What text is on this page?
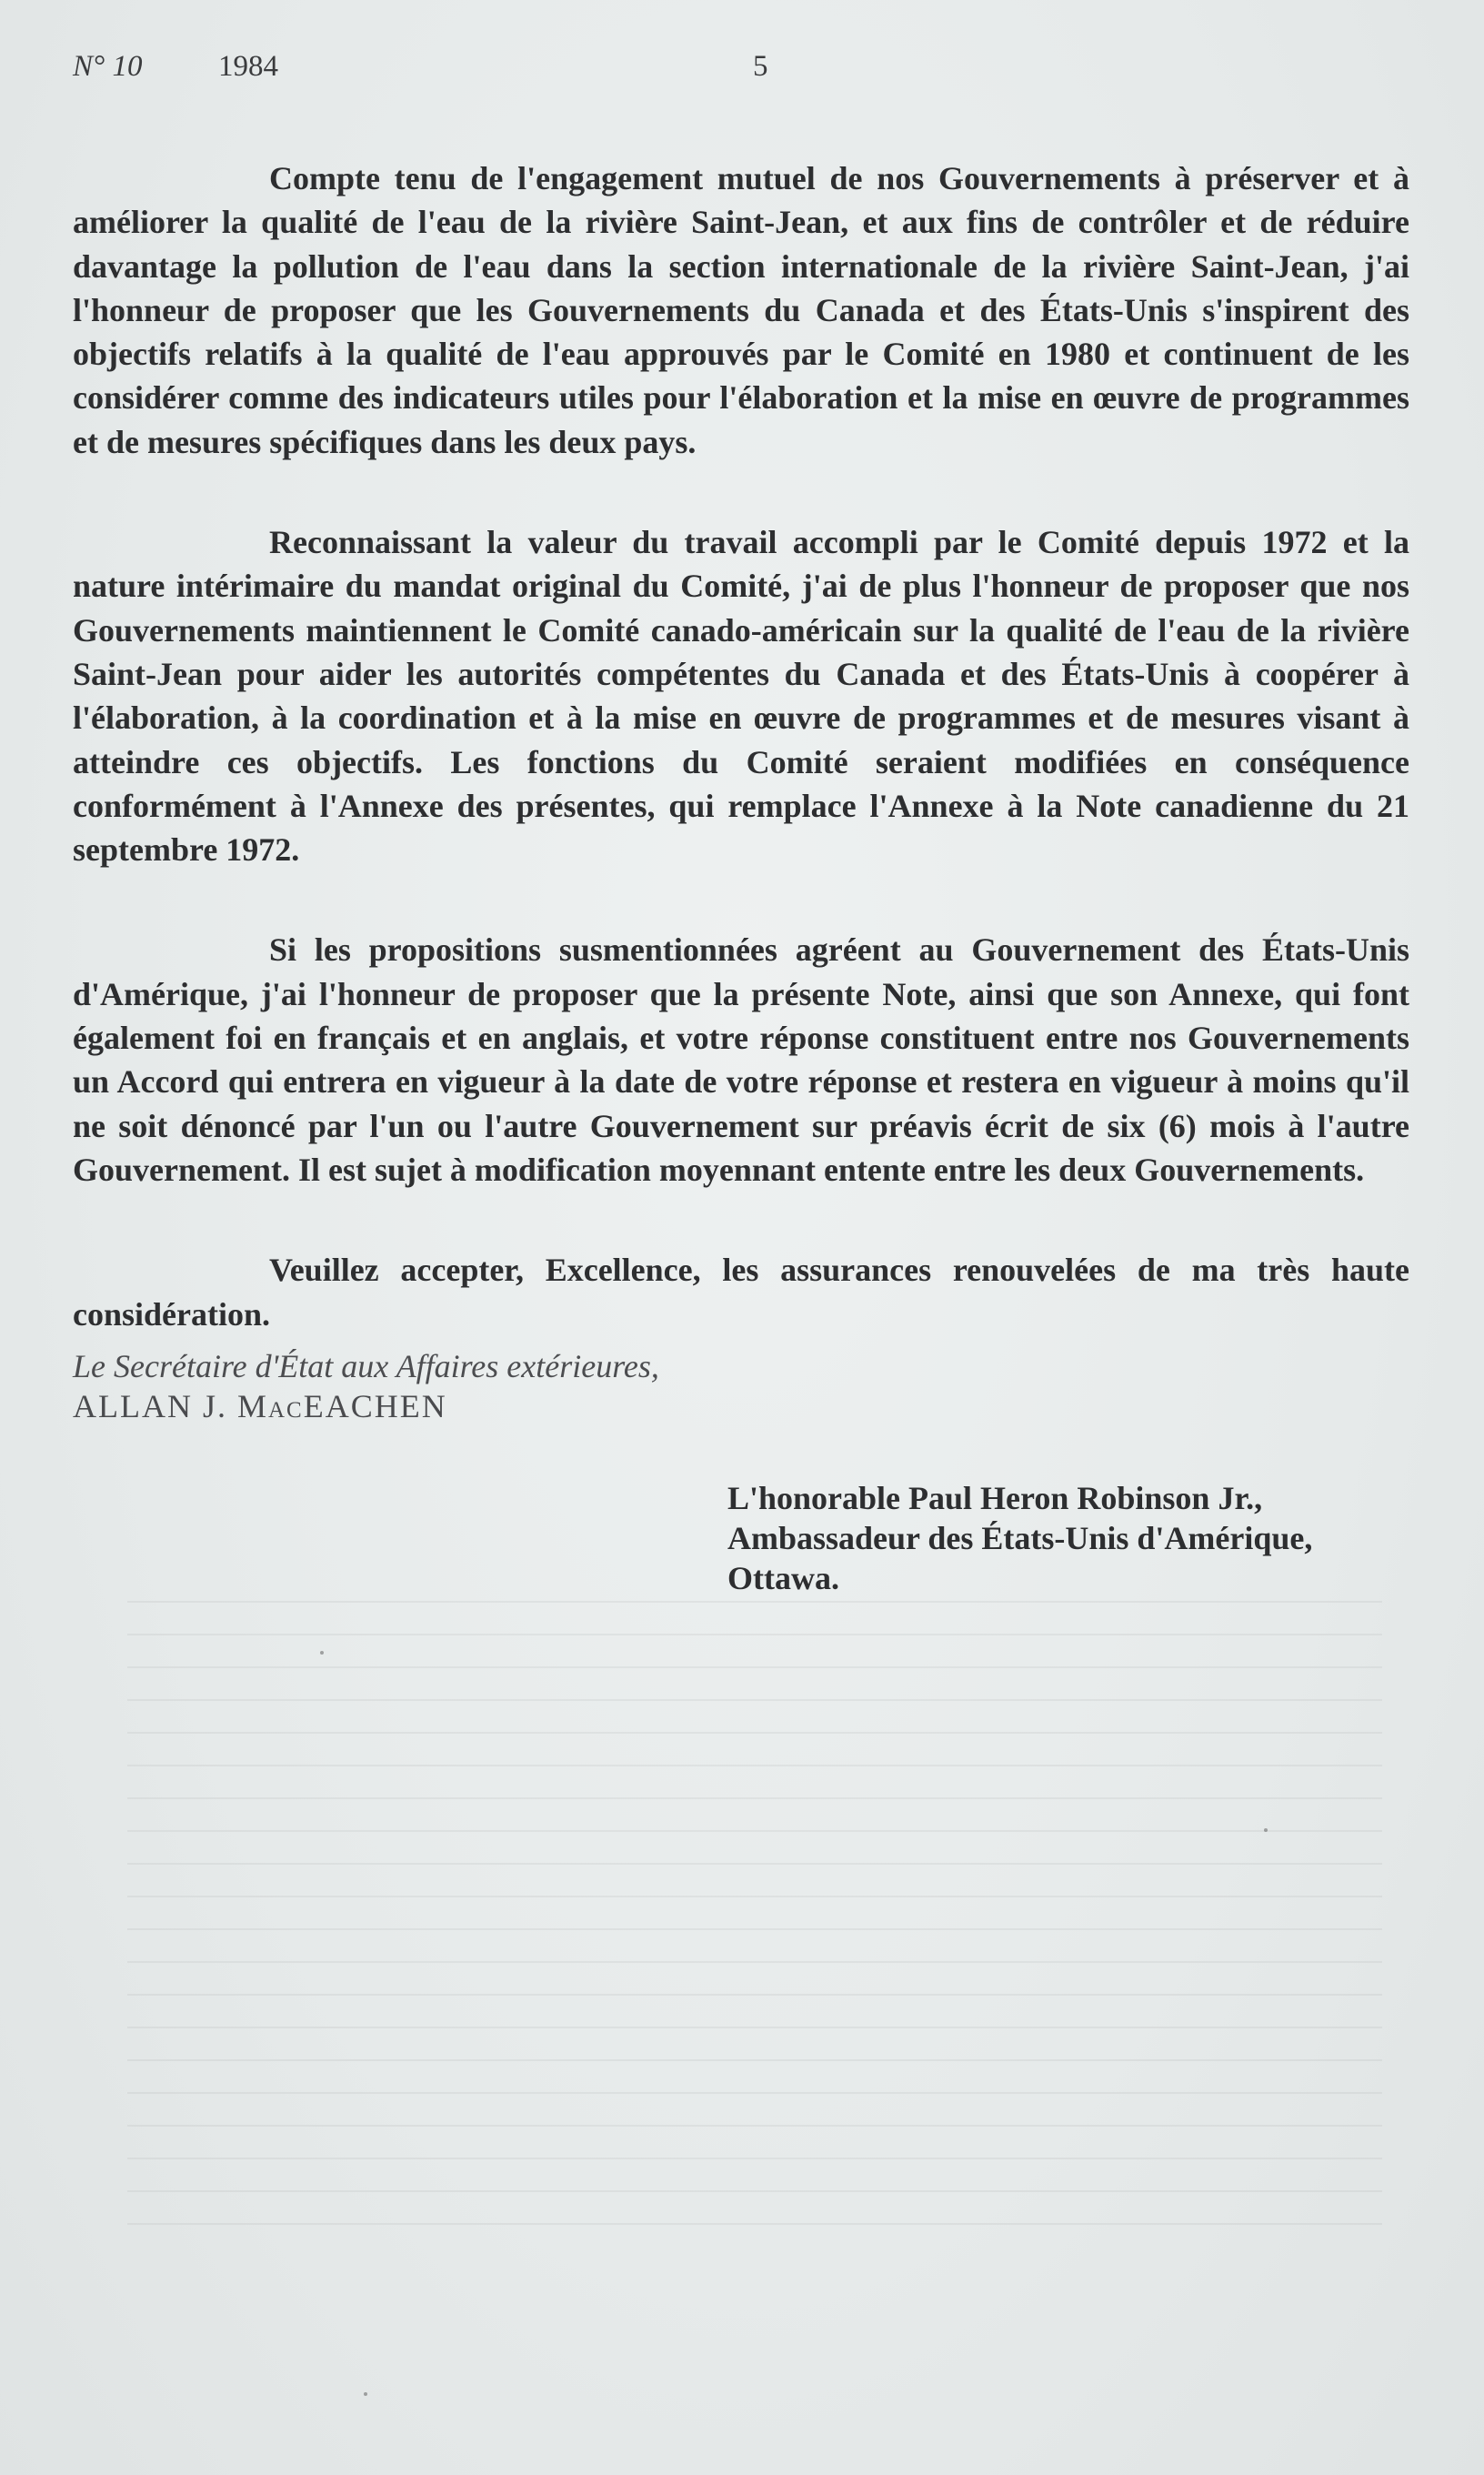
N° 10	1984	5

Compte tenu de l'engagement mutuel de nos Gouvernements à préserver et à améliorer la qualité de l'eau de la rivière Saint-Jean, et aux fins de contrôler et de réduire davantage la pollution de l'eau dans la section internationale de la rivière Saint-Jean, j'ai l'honneur de proposer que les Gouvernements du Canada et des États-Unis s'inspirent des objectifs relatifs à la qualité de l'eau approuvés par le Comité en 1980 et continuent de les considérer comme des indicateurs utiles pour l'élaboration et la mise en œuvre de programmes et de mesures spécifiques dans les deux pays.

Reconnaissant la valeur du travail accompli par le Comité depuis 1972 et la nature intérimaire du mandat original du Comité, j'ai de plus l'honneur de proposer que nos Gouvernements maintiennent le Comité canado-américain sur la qualité de l'eau de la rivière Saint-Jean pour aider les autorités compétentes du Canada et des États-Unis à coopérer à l'élaboration, à la coordination et à la mise en œuvre de programmes et de mesures visant à atteindre ces objectifs. Les fonctions du Comité seraient modifiées en conséquence conformément à l'Annexe des présentes, qui remplace l'Annexe à la Note canadienne du 21 septembre 1972.

Si les propositions susmentionnées agréent au Gouvernement des États-Unis d'Amérique, j'ai l'honneur de proposer que la présente Note, ainsi que son Annexe, qui font également foi en français et en anglais, et votre réponse constituent entre nos Gouvernements un Accord qui entrera en vigueur à la date de votre réponse et restera en vigueur à moins qu'il ne soit dénoncé par l'un ou l'autre Gouvernement sur préavis écrit de six (6) mois à l'autre Gouvernement. Il est sujet à modification moyennant entente entre les deux Gouvernements.

Veuillez accepter, Excellence, les assurances renouvelées de ma très haute considération.

Le Secrétaire d'État aux Affaires extérieures,
ALLAN J. MacEACHEN
L'honorable Paul Heron Robinson Jr.,
Ambassadeur des États-Unis d'Amérique,
Ottawa.
